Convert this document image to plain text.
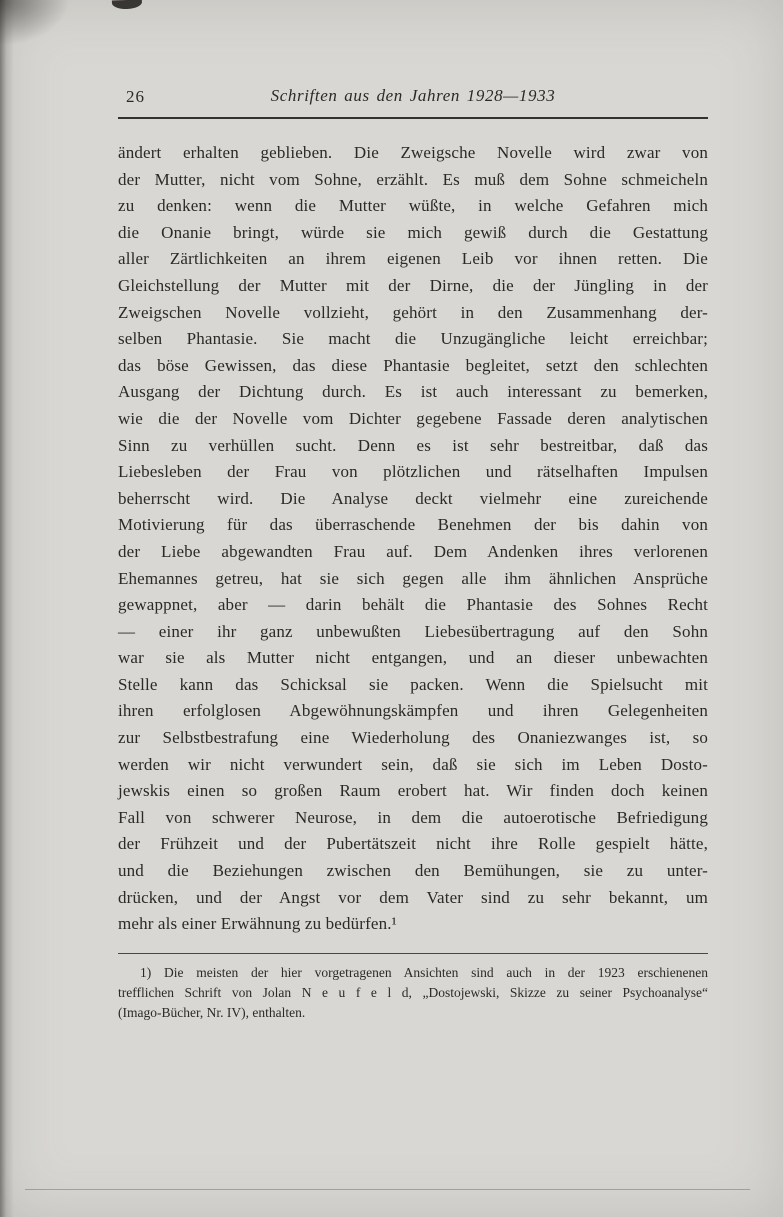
26	Schriften aus den Jahren 1928—1933
ändert erhalten geblieben. Die Zweigsche Novelle wird zwar von
der Mutter, nicht vom Sohne, erzählt. Es muß dem Sohne schmeicheln
zu denken: wenn die Mutter wüßte, in welche Gefahren mich
die Onanie bringt, würde sie mich gewiß durch die Gestattung
aller Zärtlichkeiten an ihrem eigenen Leib vor ihnen retten. Die
Gleichstellung der Mutter mit der Dirne, die der Jüngling in der
Zweigschen Novelle vollzieht, gehört in den Zusammenhang der-
selben Phantasie. Sie macht die Unzugängliche leicht erreichbar;
das böse Gewissen, das diese Phantasie begleitet, setzt den schlechten
Ausgang der Dichtung durch. Es ist auch interessant zu bemerken,
wie die der Novelle vom Dichter gegebene Fassade deren analytischen
Sinn zu verhüllen sucht. Denn es ist sehr bestreitbar, daß das
Liebesleben der Frau von plötzlichen und rätselhaften Impulsen
beherrscht wird. Die Analyse deckt vielmehr eine zureichende
Motivierung für das überraschende Benehmen der bis dahin von
der Liebe abgewandten Frau auf. Dem Andenken ihres verlorenen
Ehemannes getreu, hat sie sich gegen alle ihm ähnlichen Ansprüche
gewappnet, aber — darin behält die Phantasie des Sohnes Recht
— einer ihr ganz unbewußten Liebesübertragung auf den Sohn
war sie als Mutter nicht entgangen, und an dieser unbewachten
Stelle kann das Schicksal sie packen. Wenn die Spielsucht mit
ihren erfolglosen Abgewöhnungskämpfen und ihren Gelegenheiten
zur Selbstbestrafung eine Wiederholung des Onaniezwanges ist, so
werden wir nicht verwundert sein, daß sie sich im Leben Dosto-
jewskis einen so großen Raum erobert hat. Wir finden doch keinen
Fall von schwerer Neurose, in dem die autoerotische Befriedigung
der Frühzeit und der Pubertätszeit nicht ihre Rolle gespielt hätte,
und die Beziehungen zwischen den Bemühungen, sie zu unter-
drücken, und der Angst vor dem Vater sind zu sehr bekannt, um
mehr als einer Erwähnung zu bedürfen.¹
1) Die meisten der hier vorgetragenen Ansichten sind auch in der 1923 erschienenen
trefflichen Schrift von Jolan N e u f e l d, „Dostojewski, Skizze zu seiner Psychoanalyse“
(Imago-Bücher, Nr. IV), enthalten.
